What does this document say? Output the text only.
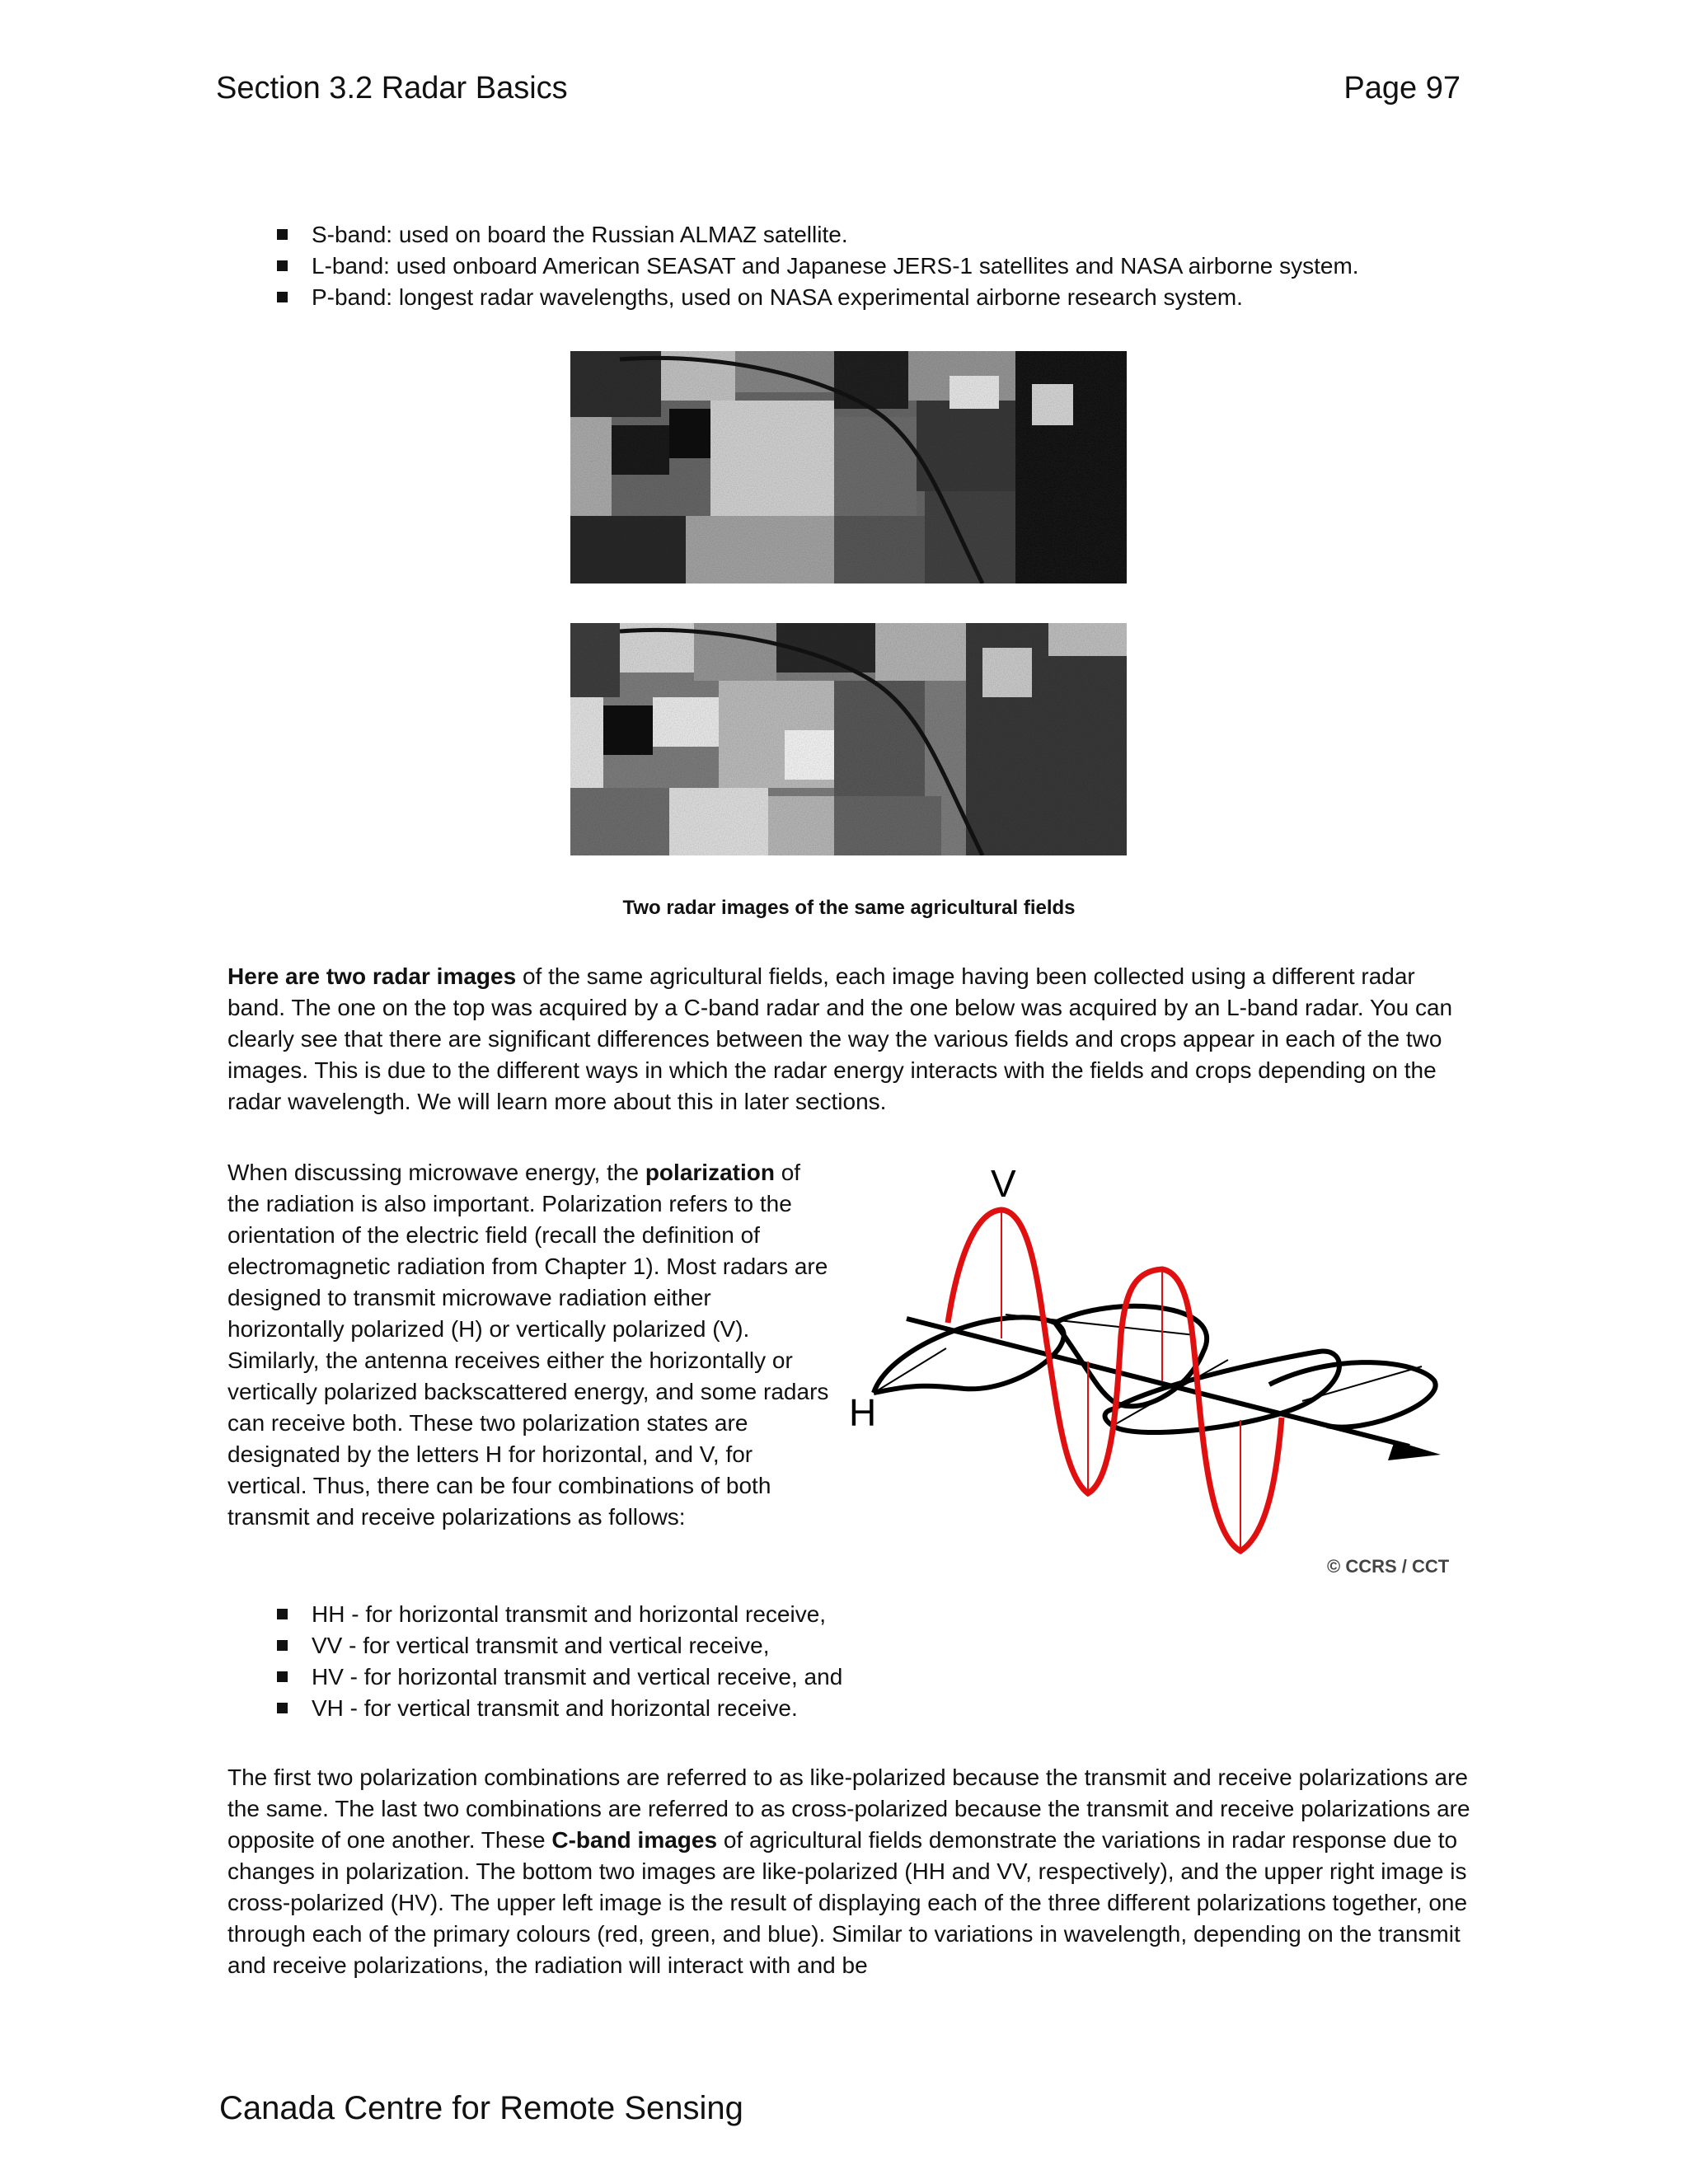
Section 3.2 Radar Basics	Page 97
S-band: used on board the Russian ALMAZ satellite.
L-band: used onboard American SEASAT and Japanese JERS-1 satellites and NASA airborne system.
P-band: longest radar wavelengths, used on NASA experimental airborne research system.
Two radar images of the same agricultural fields
Here are two radar images of the same agricultural fields, each image having been collected using a different radar band. The one on the top was acquired by a C-band radar and the one below was acquired by an L-band radar. You can clearly see that there are significant differences between the way the various fields and crops appear in each of the two images. This is due to the different ways in which the radar energy interacts with the fields and crops depending on the radar wavelength. We will learn more about this in later sections.
When discussing microwave energy, the polarization of the radiation is also important. Polarization refers to the orientation of the electric field (recall the definition of electromagnetic radiation from Chapter 1). Most radars are designed to transmit microwave radiation either horizontally polarized (H) or vertically polarized (V). Similarly, the antenna receives either the horizontally or vertically polarized backscattered energy, and some radars can receive both. These two polarization states are designated by the letters H for horizontal, and V, for vertical. Thus, there can be four combinations of both transmit and receive polarizations as follows:
V
H
© CCRS / CCT
HH - for horizontal transmit and horizontal receive,
VV - for vertical transmit and vertical receive,
HV - for horizontal transmit and vertical receive, and
VH - for vertical transmit and horizontal receive.
The first two polarization combinations are referred to as like-polarized because the transmit and receive polarizations are the same. The last two combinations are referred to as cross-polarized because the transmit and receive polarizations are opposite of one another. These C-band images of agricultural fields demonstrate the variations in radar response due to changes in polarization. The bottom two images are like-polarized (HH and VV, respectively), and the upper right image is cross-polarized (HV). The upper left image is the result of displaying each of the three different polarizations together, one through each of the primary colours (red, green, and blue). Similar to variations in wavelength, depending on the transmit and receive polarizations, the radiation will interact with and be
Canada Centre for Remote Sensing
